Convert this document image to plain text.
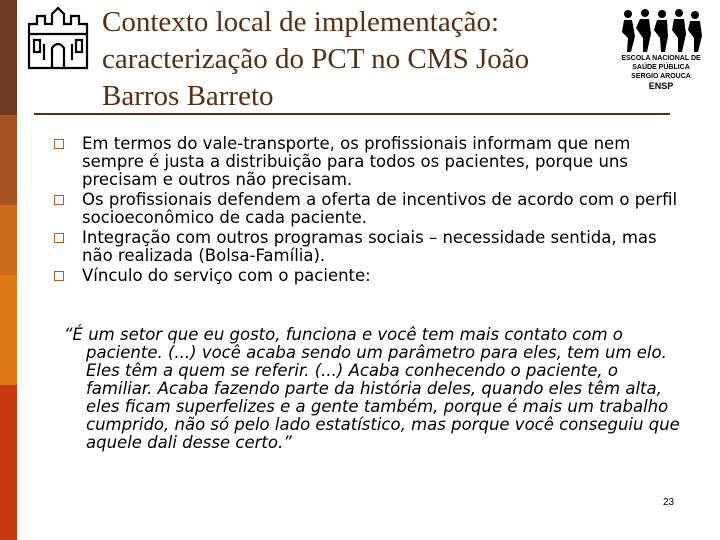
Contexto local de implementação:
caracterização do PCT no CMS João
Barros Barreto
ESCOLA NACIONAL DE SAÚDE PÚBLICA
SERGIO AROUCA
ENSP
Em termos do vale-transporte, os profissionais informam que nem sempre é justa a distribuição para todos os pacientes, porque uns precisam e outros não precisam.
Os profissionais defendem a oferta de incentivos de acordo com o perfil socioeconômico de cada paciente.
Integração com outros programas sociais – necessidade sentida, mas não realizada (Bolsa-Família).
Vínculo do serviço com o paciente:

“É um setor que eu gosto, funciona e você tem mais contato com o paciente. (...) você acaba sendo um parâmetro para eles, tem um elo. Eles têm a quem se referir. (...) Acaba conhecendo o paciente, o familiar. Acaba fazendo parte da história deles, quando eles têm alta, eles ficam superfelizes e a gente também, porque é mais um trabalho cumprido, não só pelo lado estatístico, mas porque você conseguiu que aquele dali desse certo.”

23
